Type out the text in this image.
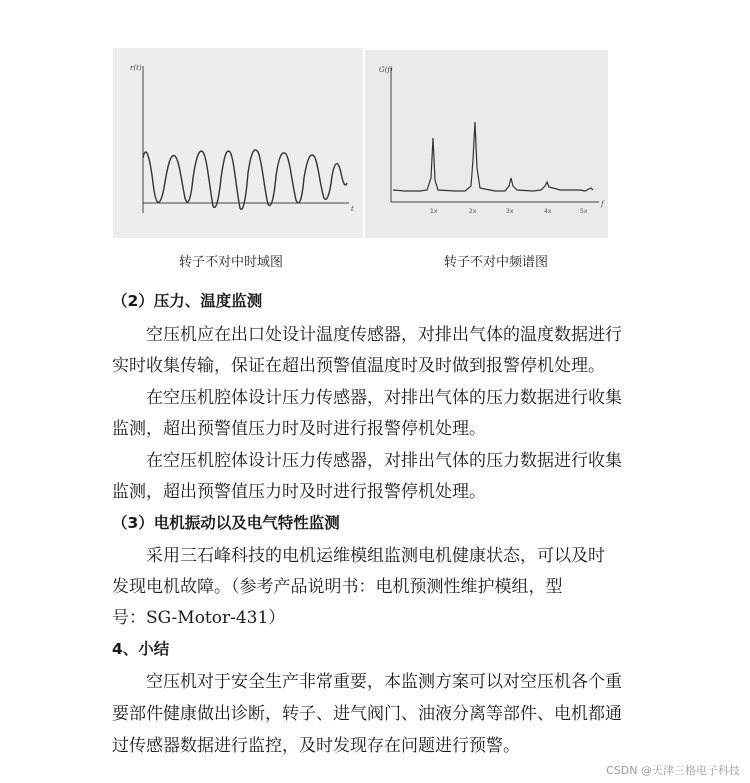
r(t)
t
G(f)
f
1x	2x	3x	4x	5x
转子不对中时域图	转子不对中频谱图
（2）压力、温度监测
空压机应在出口处设计温度传感器，对排出气体的温度数据进行
实时收集传输，保证在超出预警值温度时及时做到报警停机处理。
在空压机腔体设计压力传感器，对排出气体的压力数据进行收集
监测，超出预警值压力时及时进行报警停机处理。
在空压机腔体设计压力传感器，对排出气体的压力数据进行收集
监测，超出预警值压力时及时进行报警停机处理。
（3）电机振动以及电气特性监测
采用三石峰科技的电机运维模组监测电机健康状态，可以及时
发现电机故障。（参考产品说明书：电机预测性维护模组，型
号：SG-Motor-431）
4、小结
空压机对于安全生产非常重要，本监测方案可以对空压机各个重
要部件健康做出诊断，转子、进气阀门、油液分离等部件、电机都通
过传感器数据进行监控，及时发现存在问题进行预警。
CSDN @天津三格电子科技
